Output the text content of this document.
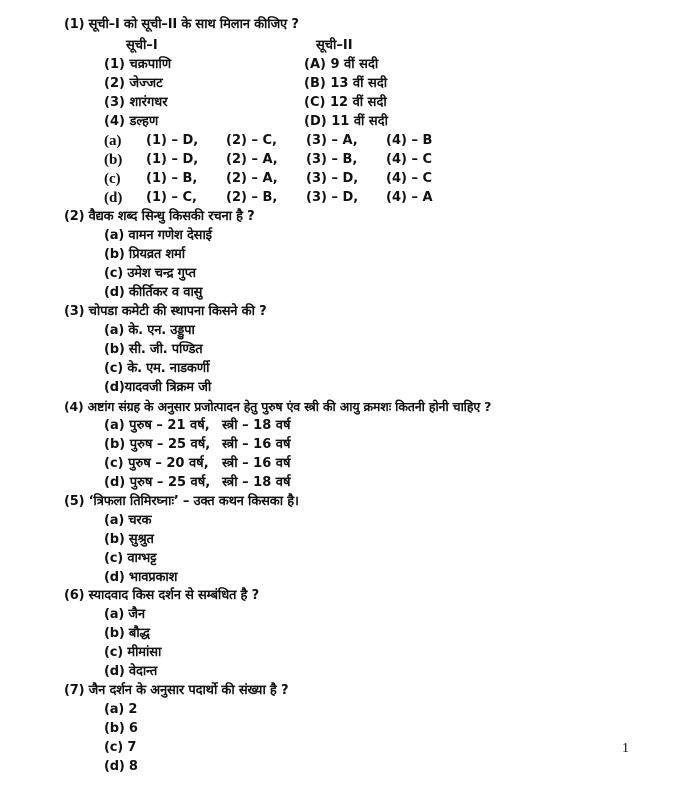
(1) सूची–I को सूची–II के साथ मिलान कीजिए ?
सूची–I	सूची–II
(1) चक्रपाणि
(2) जेज्जट
(3) शारंगधर
(4) डल्हण
(A) 9 वीं सदी
(B) 13 वीं सदी
(C) 12 वीं सदी
(D) 11 वीं सदी
(a) (1) – D, (2) – C, (3) – A, (4) – B
(b) (1) – D, (2) – A, (3) – B, (4) – C
(c) (1) – B, (2) – A, (3) – D, (4) – C
(d) (1) – C, (2) – B, (3) – D, (4) – A
(2) वैद्यक शब्द सिन्धु किसकी रचना है ?
(a) वामन गणेश देसाई
(b) प्रियव्रत शर्मा
(c) उमेश चन्द्र गुप्त
(d) कीर्तिकर व वासु
(3) चोपडा कमेटी की स्थापना किसने की ?
(a) के. एन. उड्डुपा
(b) सी. जी. पण्डित
(c) के. एम. नाडकर्णी
(d)यादवजी त्रिक्रम जी
(4) अष्टांग संग्रह के अनुसार प्रजोत्पादन हेतु पुरुष एंव स्त्री की आयु क्रमशः कितनी होनी चाहिए ?
(a) पुरुष – 21 वर्ष, स्त्री – 18 वर्ष
(b) पुरुष – 25 वर्ष, स्त्री – 16 वर्ष
(c) पुरुष – 20 वर्ष, स्त्री – 16 वर्ष
(d) पुरुष – 25 वर्ष, स्त्री – 18 वर्ष
(5) ‘त्रिफला तिमिरघ्नाः’ – उक्त कथन किसका है।
(a) चरक
(b) सुश्रुत
(c) वाग्भट्ट
(d) भावप्रकाश
(6) स्यादवाद किस दर्शन से सम्बंधित है ?
(a) जैन
(b) बौद्ध
(c) मीमांसा
(d) वेदान्त
(7) जैन दर्शन के अनुसार पदार्थो की संख्या है ?
(a) 2
(b) 6
(c) 7
(d) 8
1
